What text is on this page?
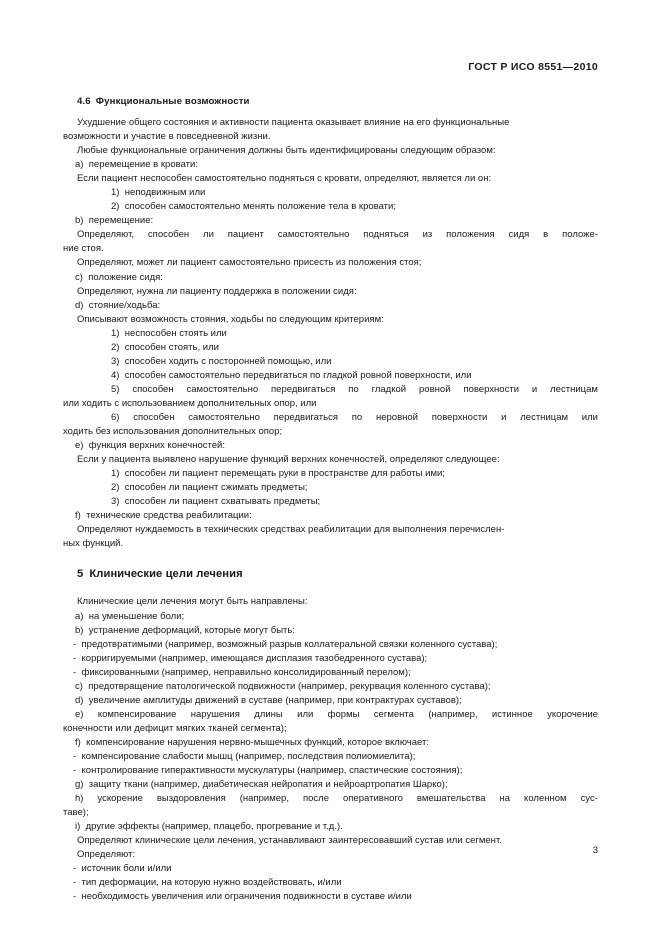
ГОСТ Р ИСО 8551—2010
4.6 Функциональные возможности
Ухудшение общего состояния и активности пациента оказывает влияние на его функциональные
возможности и участие в повседневной жизни.
Любые функциональные ограничения должны быть идентифицированы следующим образом:
a) перемещение в кровати:
Если пациент неспособен самостоятельно подняться с кровати, определяют, является ли он:
1) неподвижным или
2) способен самостоятельно менять положение тела в кровати;
b) перемещение:
Определяют, способен ли пациент самостоятельно подняться из положения сидя в положе-
ние стоя.
Определяют, может ли пациент самостоятельно присесть из положения стоя;
c) положение сидя:
Определяют, нужна ли пациенту поддержка в положении сидя:
d) стояние/ходьба:
Описывают возможность стояния, ходьбы по следующим критериям:
1) неспособен стоять или
2) способен стоять, или
3) способен ходить с посторонней помощью, или
4) способен самостоятельно передвигаться по гладкой ровной поверхности, или
5) способен самостоятельно передвигаться по гладкой ровной поверхности и лестницам
или ходить с использованием дополнительных опор, или
6) способен самостоятельно передвигаться по неровной поверхности и лестницам или
ходить без использования дополнительных опор;
e) функция верхних конечностей:
Если у пациента выявлено нарушение функций верхних конечностей, определяют следующее:
1) способен ли пациент перемещать руки в пространстве для работы ими;
2) способен ли пациент сжимать предметы;
3) способен ли пациент схватывать предметы;
f) технические средства реабилитации:
Определяют нуждаемость в технических средствах реабилитации для выполнения перечислен-
ных функций.
5 Клинические цели лечения
Клинические цели лечения могут быть направлены:
a) на уменьшение боли;
b) устранение деформаций, которые могут быть:
- предотвратимыми (например, возможный разрыв коллатеральной связки коленного сустава);
- корригируемыми (например, имеющаяся дисплазия тазобедренного сустава);
- фиксированными (например, неправильно консолидированный перелом);
c) предотвращение патологической подвижности (например, рекурвация коленного сустава);
d) увеличение амплитуды движений в суставе (например, при контрактурах суставов);
e) компенсирование нарушения длины или формы сегмента (например, истинное укорочение
конечности или дефицит мягких тканей сегмента);
f) компенсирование нарушения нервно-мышечных функций, которое включает:
- компенсирование слабости мышц (например, последствия полиомиелита);
- контролирование гиперактивности мускулатуры (например, спастические состояния);
g) защиту ткани (например, диабетическая нейропатия и нейроартропатия Шарко);
h) ускорение выздоровления (например, после оперативного вмешательства на коленном сус-
таве);
i) другие эффекты (например, плацебо, прогревание и т.д.).
Определяют клинические цели лечения, устанавливают заинтересовавший сустав или сегмент.
Определяют:
- источник боли и/или
- тип деформации, на которую нужно воздействовать, и/или
- необходимость увеличения или ограничения подвижности в суставе и/или
3
